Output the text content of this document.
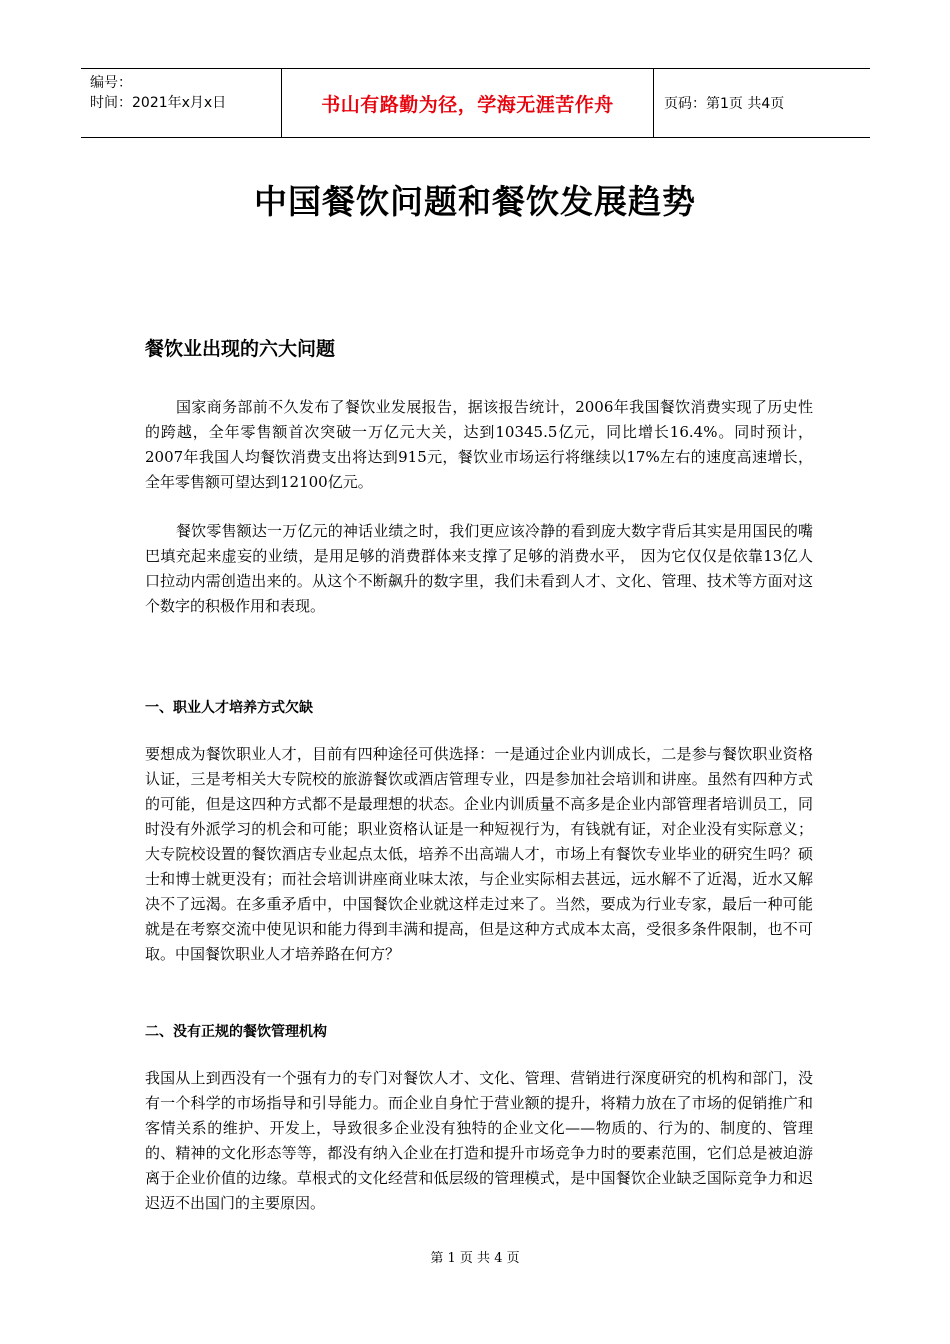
编号：
时间：2021年x月x日	书山有路勤为径，学海无涯苦作舟	页码：第1页 共4页
中国餐饮问题和餐饮发展趋势
餐饮业出现的六大问题

国家商务部前不久发布了餐饮业发展报告，据该报告统计，2006年我国餐饮消费实现了历史性的跨越，全年零售额首次突破一万亿元大关，达到10345.5亿元，同比增长16.4%。同时预计，2007年我国人均餐饮消费支出将达到915元，餐饮业市场运行将继续以17%左右的速度高速增长，全年零售额可望达到12100亿元。

餐饮零售额达一万亿元的神话业绩之时，我们更应该冷静的看到庞大数字背后其实是用国民的嘴巴填充起来虚妄的业绩，是用足够的消费群体来支撑了足够的消费水平， 因为它仅仅是依靠13亿人口拉动内需创造出来的。从这个不断飙升的数字里，我们未看到人才、文化、管理、技术等方面对这个数字的积极作用和表现。

一、职业人才培养方式欠缺

要想成为餐饮职业人才，目前有四种途径可供选择：一是通过企业内训成长，二是参与餐饮职业资格认证，三是考相关大专院校的旅游餐饮或酒店管理专业，四是参加社会培训和讲座。虽然有四种方式的可能，但是这四种方式都不是最理想的状态。企业内训质量不高多是企业内部管理者培训员工，同时没有外派学习的机会和可能；职业资格认证是一种短视行为，有钱就有证，对企业没有实际意义；大专院校设置的餐饮酒店专业起点太低，培养不出高端人才，市场上有餐饮专业毕业的研究生吗？硕士和博士就更没有；而社会培训讲座商业味太浓，与企业实际相去甚远，远水解不了近渴，近水又解决不了远渴。在多重矛盾中，中国餐饮企业就这样走过来了。当然，要成为行业专家，最后一种可能就是在考察交流中使见识和能力得到丰满和提高，但是这种方式成本太高，受很多条件限制，也不可取。中国餐饮职业人才培养路在何方？

二、没有正规的餐饮管理机构

我国从上到西没有一个强有力的专门对餐饮人才、文化、管理、营销进行深度研究的机构和部门，没有一个科学的市场指导和引导能力。而企业自身忙于营业额的提升，将精力放在了市场的促销推广和客情关系的维护、开发上，导致很多企业没有独特的企业文化——物质的、行为的、制度的、管理的、精神的文化形态等等，都没有纳入企业在打造和提升市场竞争力时的要素范围，它们总是被迫游离于企业价值的边缘。草根式的文化经营和低层级的管理模式，是中国餐饮企业缺乏国际竞争力和迟迟迈不出国门的主要原因。

第 1 页 共 4 页
